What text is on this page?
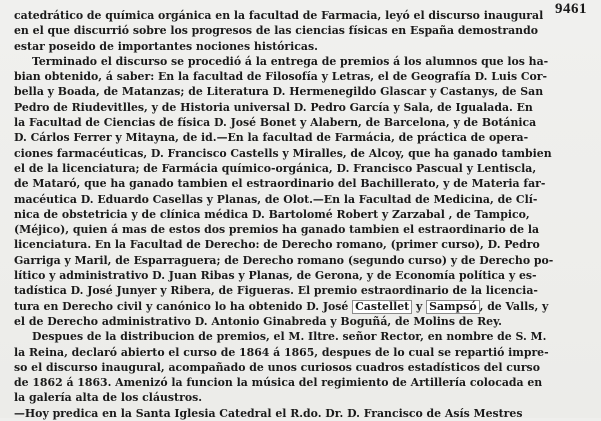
9461
catedrático de química orgánica en la facultad de Farmacia, leyó el discurso inaugural
en el que discurrió sobre los progresos de las ciencias físicas en España demostrando
estar poseido de importantes nociones históricas.
Terminado el discurso se procedió á la entrega de premios á los alumnos que los ha-
bian obtenido, á saber: En la facultad de Filosofía y Letras, el de Geografía D. Luis Cor-
bella y Boada, de Matanzas; de Literatura D. Hermenegildo Glascar y Castanys, de San
Pedro de Riudevitlles, y de Historia universal D. Pedro García y Sala, de Igualada. En
la Facultad de Ciencias de física D. José Bonet y Alabern, de Barcelona, y de Botánica
D. Cárlos Ferrer y Mitayna, de id.—En la facultad de Farmácia, de práctica de opera-
ciones farmacéuticas, D. Francisco Castells y Miralles, de Alcoy, que ha ganado tambien
el de la licenciatura; de Farmácia químico-orgánica, D. Francisco Pascual y Lentiscla,
de Mataró, que ha ganado tambien el estraordinario del Bachillerato, y de Materia far-
macéutica D. Eduardo Casellas y Planas, de Olot.—En la Facultad de Medicina, de Clí-
nica de obstetricia y de clínica médica D. Bartolomé Robert y Zarzabal , de Tampico,
(Méjico), quien á mas de estos dos premios ha ganado tambien el estraordinario de la
licenciatura. En la Facultad de Derecho: de Derecho romano, (primer curso), D. Pedro
Garriga y Maril, de Esparraguera; de Derecho romano (segundo curso) y de Derecho po-
lítico y administrativo D. Juan Ribas y Planas, de Gerona, y de Economía política y es-
tadística D. José Junyer y Ribera, de Figueras. El premio estraordinario de la licencia-
tura en Derecho civil y canónico lo ha obtenido D. José Castellet y Sampsó , de Valls, y
el de Derecho administrativo D. Antonio Ginabreda y Boguñá, de Molins de Rey.
Despues de la distribucion de premios, el M. Iltre. señor Rector, en nombre de S. M.
la Reina, declaró abierto el curso de 1864 á 1865, despues de lo cual se repartió impre-
so el discurso inaugural, acompañado de unos curiosos cuadros estadísticos del curso
de 1862 á 1863. Amenizó la funcion la música del regimiento de Artillería colocada en
la galería alta de los cláustros.
—Hoy predica en la Santa Iglesia Catedral el R.do. Dr. D. Francisco de Asís Mestres
